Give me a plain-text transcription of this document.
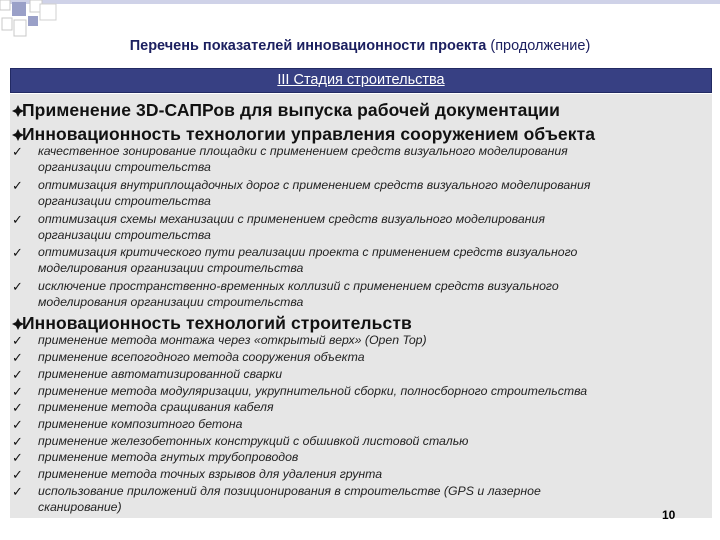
Перечень показателей инновационности проекта (продолжение)
III Стадия строительства
Применение 3D-САПРов для выпуска рабочей документации
Инновационность технологии управления сооружением объекта
✓ качественное зонирование площадки с применением средств визуального моделирования
организации строительства
✓ оптимизация внутриплощадочных дорог с применением средств визуального моделирования
организации строительства
✓ оптимизация схемы механизации с применением средств визуального моделирования
организации строительства
✓ оптимизация критического пути реализации проекта с применением средств визуального
моделирования организации строительства
✓ исключение пространственно-временных коллизий с применением средств визуального
моделирования организации строительства
Инновационность технологий строительств
✓ применение метода монтажа через «открытый верх» (Open Top)
✓ применение всепогодного метода сооружения объекта
✓ применение автоматизированной сварки
✓ применение метода модуляризации, укрупнительной сборки, полносборного строительства
✓ применение метода сращивания кабеля
✓ применение композитного бетона
✓ применение железобетонных конструкций с обшивкой листовой сталью
✓ применение метода гнутых трубопроводов
✓ применение метода точных взрывов для удаления грунта
✓ использование приложений для позиционирования в строительстве (GPS и лазерное
сканирование)
10
